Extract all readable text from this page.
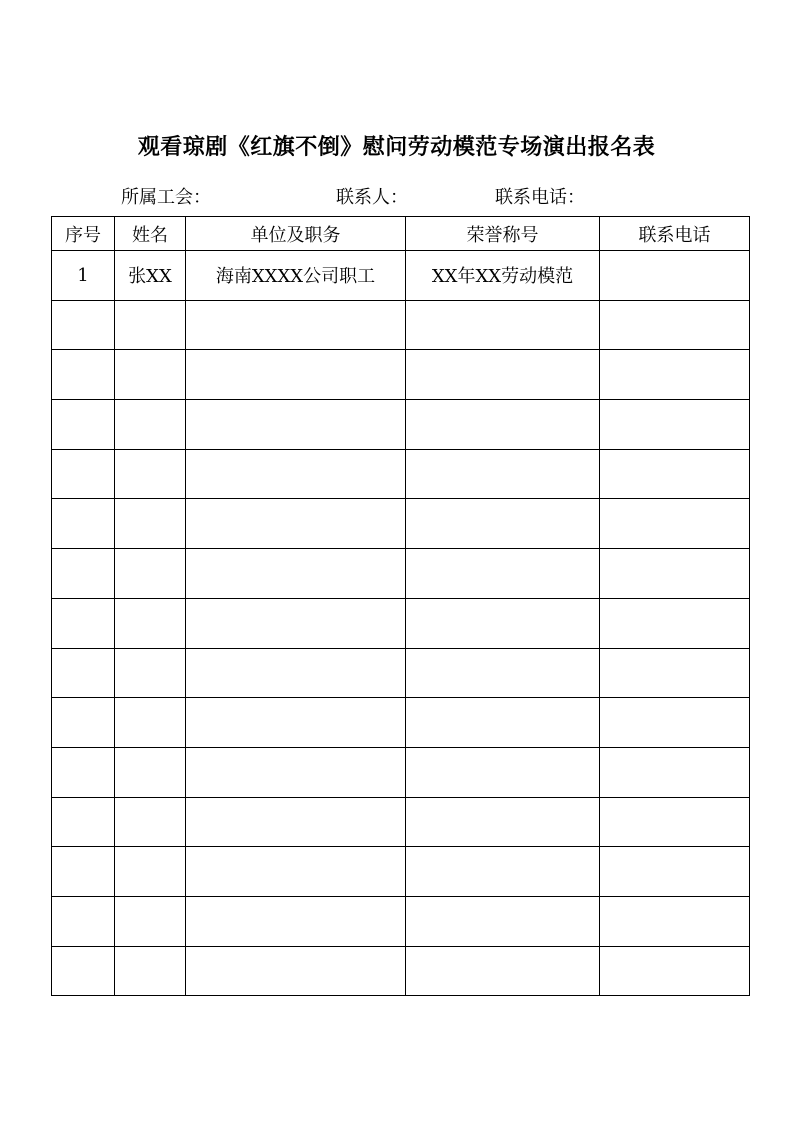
观看琼剧《红旗不倒》慰问劳动模范专场演出报名表
所属工会：	联系人：	联系电话：
序号	姓名	单位及职务	荣誉称号	联系电话
1	张XX	海南XXXX公司职工	XX年XX劳动模范	
